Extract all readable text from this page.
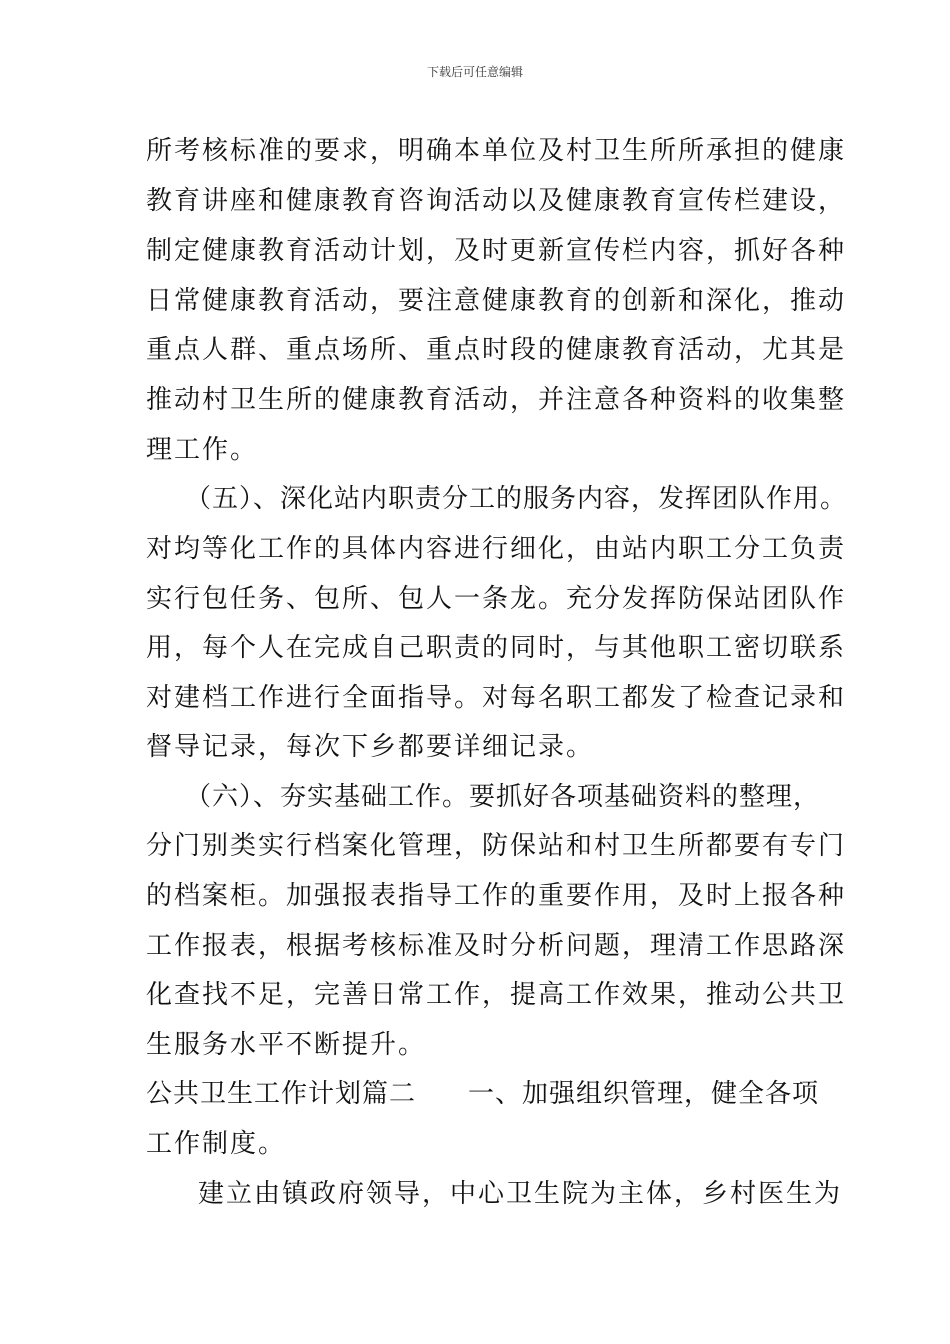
下载后可任意编辑
所考核标准的要求，明确本单位及村卫生所所承担的健康
教育讲座和健康教育咨询活动以及健康教育宣传栏建设，
制定健康教育活动计划，及时更新宣传栏内容，抓好各种
日常健康教育活动，要注意健康教育的创新和深化，推动
重点人群、重点场所、重点时段的健康教育活动，尤其是
推动村卫生所的健康教育活动，并注意各种资料的收集整
理工作。
（五）、深化站内职责分工的服务内容，发挥团队作用。
对均等化工作的具体内容进行细化，由站内职工分工负责
实行包任务、包所、包人一条龙。充分发挥防保站团队作
用，每个人在完成自己职责的同时，与其他职工密切联系
对建档工作进行全面指导。对每名职工都发了检查记录和
督导记录，每次下乡都要详细记录。
（六）、夯实基础工作。要抓好各项基础资料的整理，
分门别类实行档案化管理，防保站和村卫生所都要有专门
的档案柜。加强报表指导工作的重要作用，及时上报各种
工作报表，根据考核标准及时分析问题，理清工作思路深
化查找不足，完善日常工作，提高工作效果，推动公共卫
生服务水平不断提升。
公共卫生工作计划篇二 一、加强组织管理，健全各项
工作制度。
建立由镇政府领导，中心卫生院为主体，乡村医生为
